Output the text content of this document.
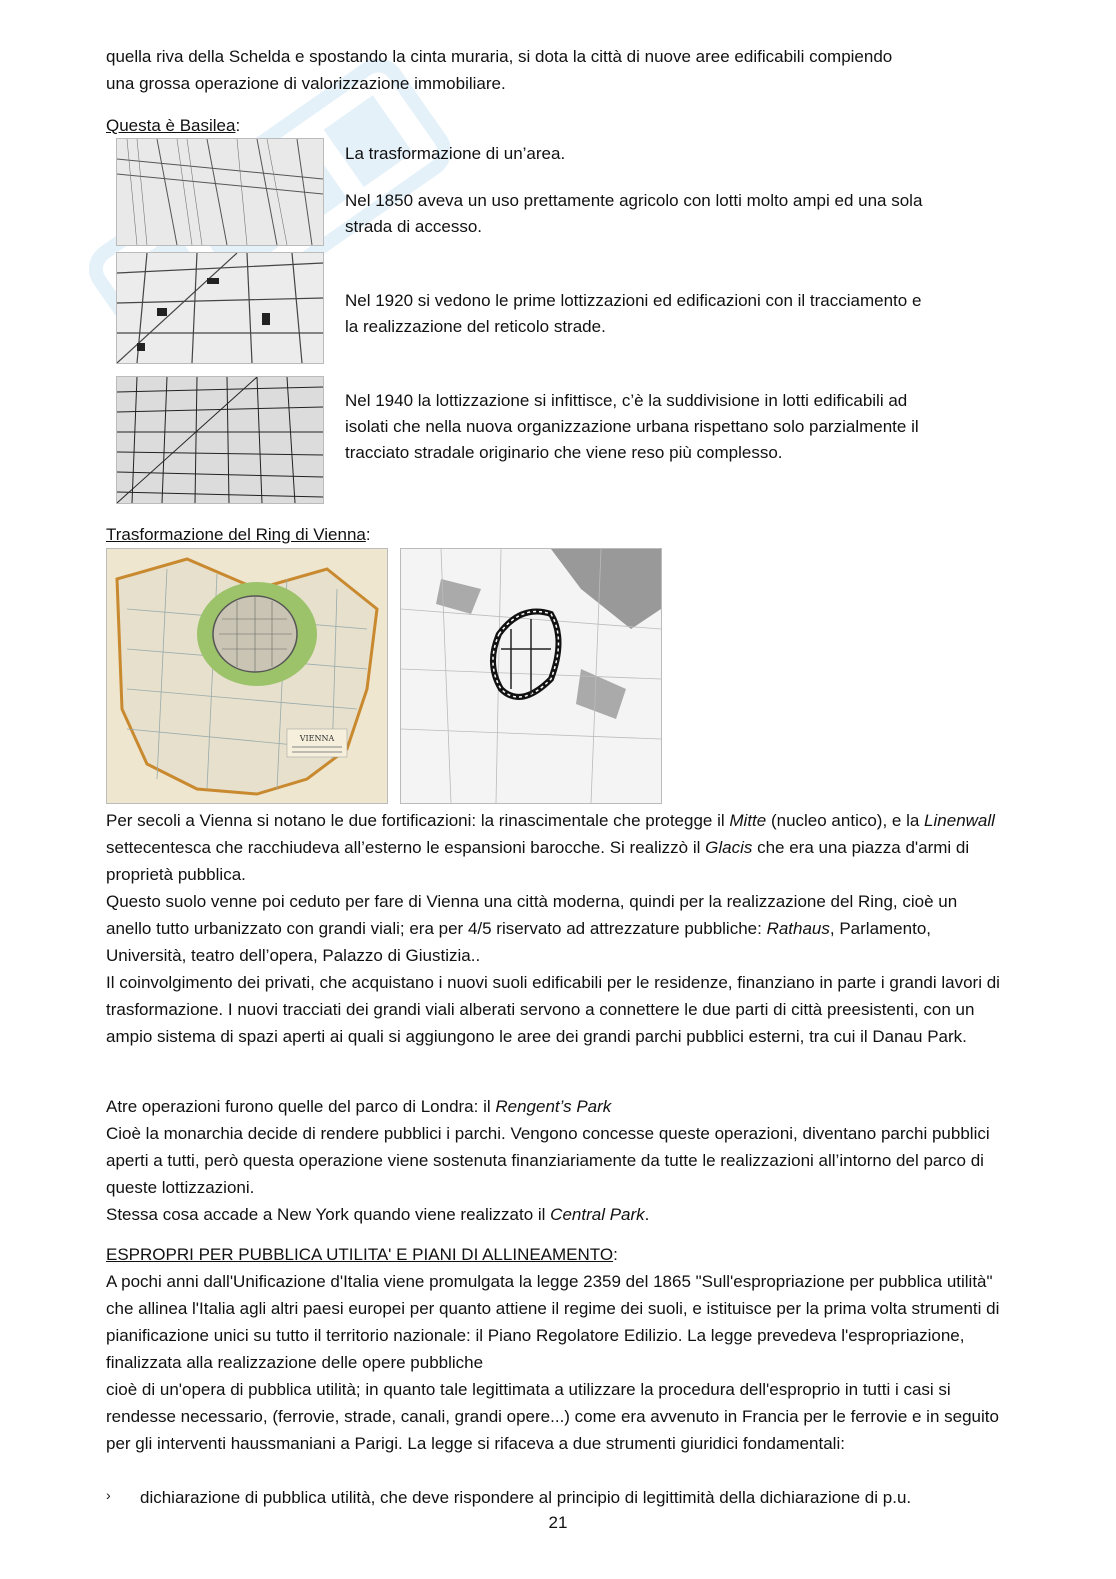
quella riva della Schelda e spostando la cinta muraria, si dota la città di nuove aree edificabili compiendo
una grossa operazione di valorizzazione immobiliare.
Questa è Basilea:
La trasformazione di un’area.
Nel 1850 aveva un uso prettamente agricolo con lotti molto ampi ed una sola
strada di accesso.
Nel 1920 si vedono le prime lottizzazioni ed edificazioni con il tracciamento e
la realizzazione del reticolo strade.
Nel 1940 la lottizzazione si infittisce, c’è la suddivisione in lotti edificabili ad
isolati che nella nuova organizzazione urbana rispettano solo parzialmente il
tracciato stradale originario che viene reso più complesso.
Trasformazione del Ring di Vienna:
VIENNA

Per secoli a Vienna si notano le due fortificazioni: la rinascimentale che protegge il Mitte (nucleo antico), e la Linenwall settecentesca che racchiudeva all’esterno le espansioni barocche. Si realizzò il Glacis che era una piazza d'armi di proprietà pubblica.

Questo suolo venne poi ceduto per fare di Vienna una città moderna, quindi per la realizzazione del Ring, cioè un anello tutto urbanizzato con grandi viali; era per 4/5 riservato ad attrezzature pubbliche: Rathaus, Parlamento, Università, teatro dell’opera, Palazzo di Giustizia..

Il coinvolgimento dei privati, che acquistano i nuovi suoli edificabili per le residenze, finanziano in parte i grandi lavori di trasformazione. I nuovi tracciati dei grandi viali alberati servono a connettere le due parti di città preesistenti, con un ampio sistema di spazi aperti ai quali si aggiungono le aree dei grandi parchi pubblici esterni, tra cui il Danau Park.

Atre operazioni furono quelle del parco di Londra: il Rengent’s Park

Cioè la monarchia decide di rendere pubblici i parchi. Vengono concesse queste operazioni, diventano parchi pubblici aperti a tutti, però questa operazione viene sostenuta finanziariamente da tutte le realizzazioni all’intorno del parco di queste lottizzazioni.

Stessa cosa accade a New York quando viene realizzato il Central Park.

ESPROPRI PER PUBBLICA UTILITA' E PIANI DI ALLINEAMENTO:

A pochi anni dall'Unificazione d'Italia viene promulgata la legge 2359 del 1865 "Sull'espropriazione per pubblica utilità" che allinea l'Italia agli altri paesi europei per quanto attiene il regime dei suoli, e istituisce per la prima volta strumenti di pianificazione unici su tutto il territorio nazionale: il Piano Regolatore Edilizio. La legge prevedeva l'espropriazione, finalizzata alla realizzazione delle opere pubbliche

cioè di un'opera di pubblica utilità; in quanto tale legittimata a utilizzare la procedura dell'esproprio in tutti i casi si rendesse necessario, (ferrovie, strade, canali, grandi opere...) come era avvenuto in Francia per le ferrovie e in seguito per gli interventi haussmaniani a Parigi. La legge si rifaceva a due strumenti giuridici fondamentali:

› dichiarazione di pubblica utilità, che deve rispondere al principio di legittimità della dichiarazione di p.u.
21
